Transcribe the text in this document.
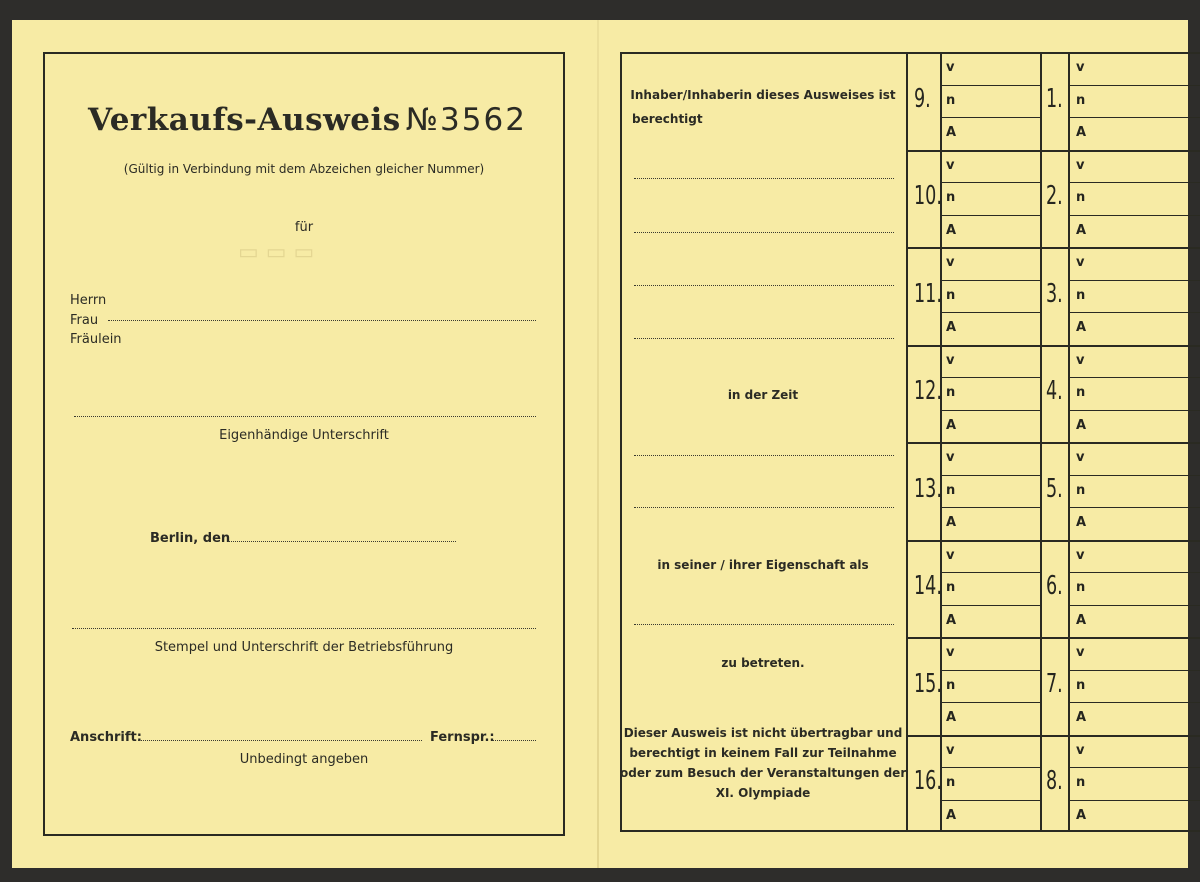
Verkaufs-Ausweis №3562
(Gültig in Verbindung mit dem Abzeichen gleicher Nummer)
für
▭ ▭ ▭
Herrn
Frau
Fräulein
Eigenhändige Unterschrift
Berlin, den
Stempel und Unterschrift der Betriebsführung
Anschrift:	Fernspr.:
Unbedingt angeben
Inhaber/Inhaberin dieses Ausweises ist
berechtigt
in der Zeit
in seiner / ihrer Eigenschaft als
zu betreten.
Dieser Ausweis ist nicht übertragbar und
berechtigt in keinem Fall zur Teilnahme
oder zum Besuch der Veranstaltungen der
XI. Olympiade
v
n
A
9.
v
n
A
1.
v
n
A
10.
v
n
A
2.
v
n
A
11.
v
n
A
3.
v
n
A
12.
v
n
A
4.
v
n
A
13.
v
n
A
5.
v
n
A
14.
v
n
A
6.
v
n
A
15.
v
n
A
7.
v
n
A
16.
v
n
A
8.
